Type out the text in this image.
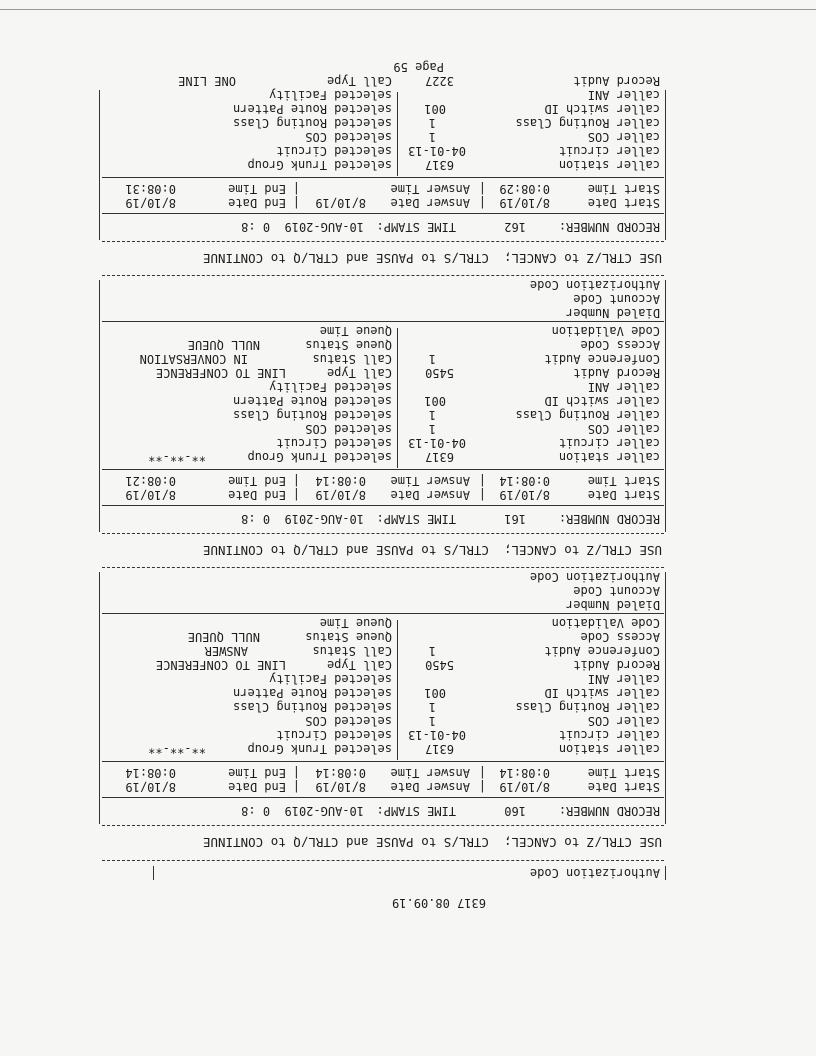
6317 08.09.19
Authorization Code
USE CTRL/Z to CANCEL;  CTRL/S to PAUSE and CTRL/Q to CONTINUE
RECORD NUMBER:
160
TIME STAMP:
10-AUG-2019  0 :8
Start Date
8/10/19
|
Answer Date
8/10/19
|
End Date
8/10/19
Start Time
0:08:14
|
Answer Time
0:08:14
|
End Time
0:08:14
caller station
6317
selected Trunk Group
**-**-**
caller circuit
04-01-13
selected Circuit
caller COS
1
selected COS
caller Routing Class
1
selected Routing Class
caller switch ID
001
selected Route Pattern
caller ANI
selected Facility
Record Audit
5450
Call Type
LINE TO CONFERENCE
Conference Audit
1
Call Status
ANSWER
Access Code
Queue Status
NULL QUEUE
Code Validation
Queue Time
Dialed Number
Account Code
Authorization Code
USE CTRL/Z to CANCEL;  CTRL/S to PAUSE and CTRL/Q to CONTINUE
RECORD NUMBER:
161
TIME STAMP:
10-AUG-2019  0 :8
Start Date
8/10/19
|
Answer Date
8/10/19
|
End Date
8/10/19
Start Time
0:08:14
|
Answer Time
0:08:14
|
End Time
0:08:21
caller station
6317
selected Trunk Group
**-**-**
caller circuit
04-01-13
selected Circuit
caller COS
1
selected COS
caller Routing Class
1
selected Routing Class
caller switch ID
001
selected Route Pattern
caller ANI
selected Facility
Record Audit
5450
Call Type
LINE TO CONFERENCE
Conference Audit
1
Call Status
IN CONVERSATION
Access Code
Queue Status
NULL QUEUE
Code Validation
Queue Time
Dialed Number
Account Code
Authorization Code
USE CTRL/Z to CANCEL;  CTRL/S to PAUSE and CTRL/Q to CONTINUE
RECORD NUMBER:
162
TIME STAMP:
10-AUG-2019  0 :8
Start Date
8/10/19
|
Answer Date
8/10/19
|
End Date
8/10/19
Start Time
0:08:29
|
Answer Time
|
End Time
0:08:31
caller station
6317
selected Trunk Group
caller circuit
04-01-13
selected Circuit
caller COS
1
selected COS
caller Routing Class
1
selected Routing Class
caller switch ID
001
selected Route Pattern
caller ANI
selected Facility
Record Audit
3227
Call Type
ONE LINE
Page 59
